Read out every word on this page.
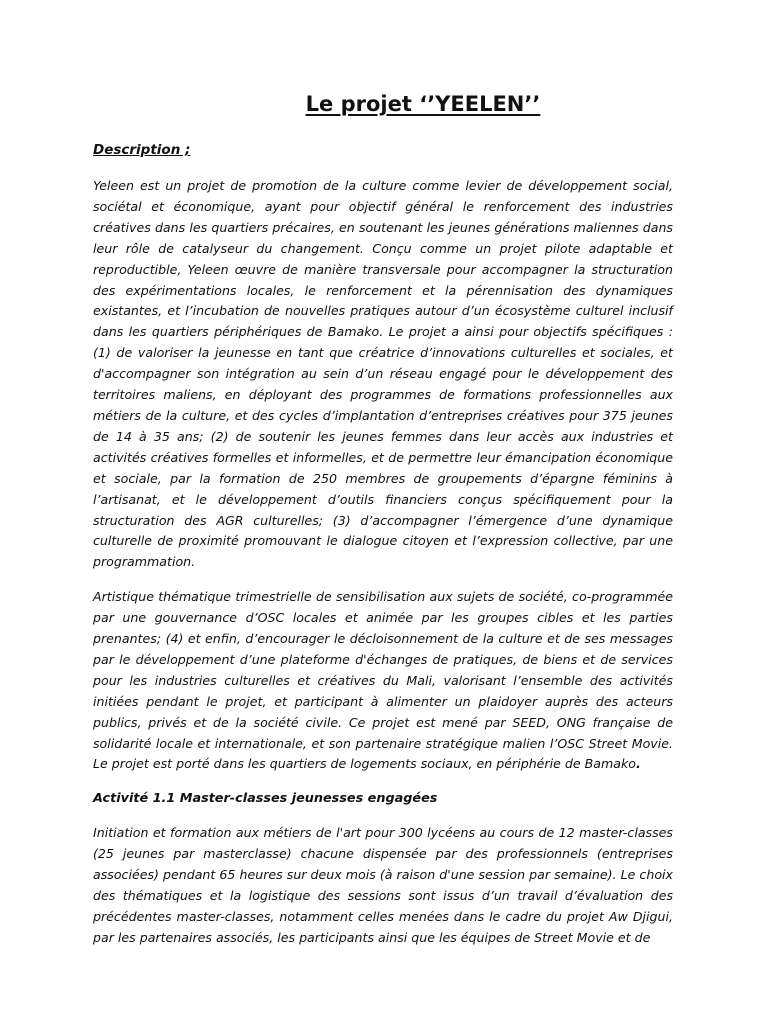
Le projet ‘’YEELEN’’
Description ;

Yeleen est un projet de promotion de la culture comme levier de développement social, sociétal et économique, ayant pour objectif général le renforcement des industries créatives dans les quartiers précaires, en soutenant les jeunes générations maliennes dans leur rôle de catalyseur du changement. Conçu comme un projet pilote adaptable et reproductible, Yeleen œuvre de manière transversale pour accompagner la structuration des expérimentations locales, le renforcement et la pérennisation des dynamiques existantes, et l’incubation de nouvelles pratiques autour d’un écosystème culturel inclusif dans les quartiers périphériques de Bamako. Le projet a ainsi pour objectifs spécifiques : (1) de valoriser la jeunesse en tant que créatrice d’innovations culturelles et sociales, et d'accompagner son intégration au sein d’un réseau engagé pour le développement des territoires maliens, en déployant des programmes de formations professionnelles aux métiers de la culture, et des cycles d’implantation d’entreprises créatives pour 375 jeunes de 14 à 35 ans; (2) de soutenir les jeunes femmes dans leur accès aux industries et activités créatives formelles et informelles, et de permettre leur émancipation économique et sociale, par la formation de 250 membres de groupements d’épargne féminins à l’artisanat, et le développement d’outils financiers conçus spécifiquement pour la structuration des AGR culturelles; (3) d’accompagner l’émergence d’une dynamique culturelle de proximité promouvant le dialogue citoyen et l’expression collective, par une programmation.

Artistique thématique trimestrielle de sensibilisation aux sujets de société, co-programmée par une gouvernance d’OSC locales et animée par les groupes cibles et les parties prenantes; (4) et enfin, d’encourager le décloisonnement de la culture et de ses messages par le développement d’une plateforme d'échanges de pratiques, de biens et de services pour les industries culturelles et créatives du Mali, valorisant l’ensemble des activités initiées pendant le projet, et participant à alimenter un plaidoyer auprès des acteurs publics, privés et de la société civile. Ce projet est mené par SEED, ONG française de solidarité locale et internationale, et son partenaire stratégique malien l’OSC Street Movie. Le projet est porté dans les quartiers de logements sociaux, en périphérie de Bamako.

Activité 1.1 Master-classes jeunesses engagées

Initiation et formation aux métiers de l'art pour 300 lycéens au cours de 12 master-classes (25 jeunes par masterclasse) chacune dispensée par des professionnels (entreprises associées) pendant 65 heures sur deux mois (à raison d'une session par semaine). Le choix des thématiques et la logistique des sessions sont issus d’un travail d’évaluation des précédentes master-classes, notamment celles menées dans le cadre du projet Aw Djigui, par les partenaires associés, les participants ainsi que les équipes de Street Movie et de
